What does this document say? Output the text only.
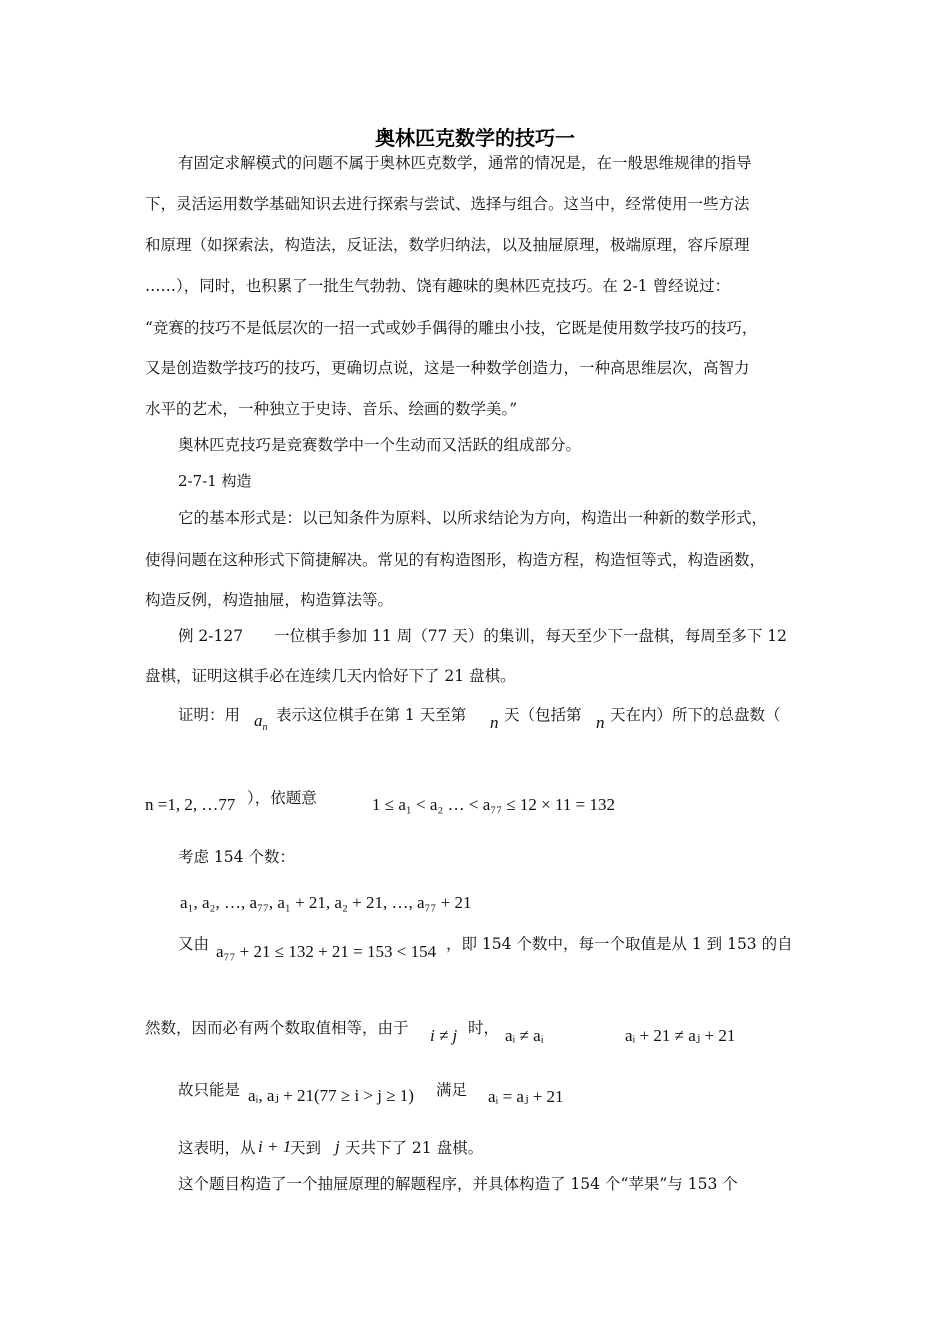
奥林匹克数学的技巧一
有固定求解模式的问题不属于奥林匹克数学，通常的情况是，在一般思维规律的指导
下，灵活运用数学基础知识去进行探索与尝试、选择与组合。这当中，经常使用一些方法
和原理（如探索法，构造法，反证法，数学归纳法，以及抽屉原理，极端原理，容斥原理
……），同时，也积累了一批生气勃勃、饶有趣味的奥林匹克技巧。在 2-1 曾经说过：
“竞赛的技巧不是低层次的一招一式或妙手偶得的雕虫小技，它既是使用数学技巧的技巧，
又是创造数学技巧的技巧，更确切点说，这是一种数学创造力，一种高思维层次，高智力
水平的艺术，一种独立于史诗、音乐、绘画的数学美。”
奥林匹克技巧是竞赛数学中一个生动而又活跃的组成部分。
2-7-1 构造
它的基本形式是：以已知条件为原料、以所求结论为方向，构造出一种新的数学形式，
使得问题在这种形式下简捷解决。常见的有构造图形，构造方程，构造恒等式，构造函数，
构造反例，构造抽屉，构造算法等。
例 2-127　　一位棋手参加 11 周（77 天）的集训，每天至少下一盘棋，每周至多下 12
盘棋，证明这棋手必在连续几天内恰好下了 21 盘棋。
证明：用 $a_n$
表示这位棋手在第 1 天至第 n 天（包括第 n 天在内）所下的总盘数（
n =1, 2, …77 ），依题意	1 ≤ a₁ < a₂ … < a₇₇ ≤ 12 × 11 = 132
考虑 154 个数：
a₁, a₂, …, a₇₇, a₁ + 21, a₂ + 21, …, a₇₇ + 21
又由 a₇₇ + 21 ≤ 132 + 21 = 153 < 154 ，即 154 个数中，每一个取值是从 1 到 153 的自
然数，因而必有两个数取值相等，由于 i ≠ j 时， aᵢ ≠ aᵢ	aᵢ + 21 ≠ aⱼ + 21
故只能是 aᵢ, aⱼ + 21(77 ≥ i > j ≥ 1) 满足 aᵢ = aⱼ + 21
这表明，从 i + 1
天到 j 天共下了 21 盘棋。
这个题目构造了一个抽屉原理的解题程序，并具体构造了 154 个“苹果”与 153 个
